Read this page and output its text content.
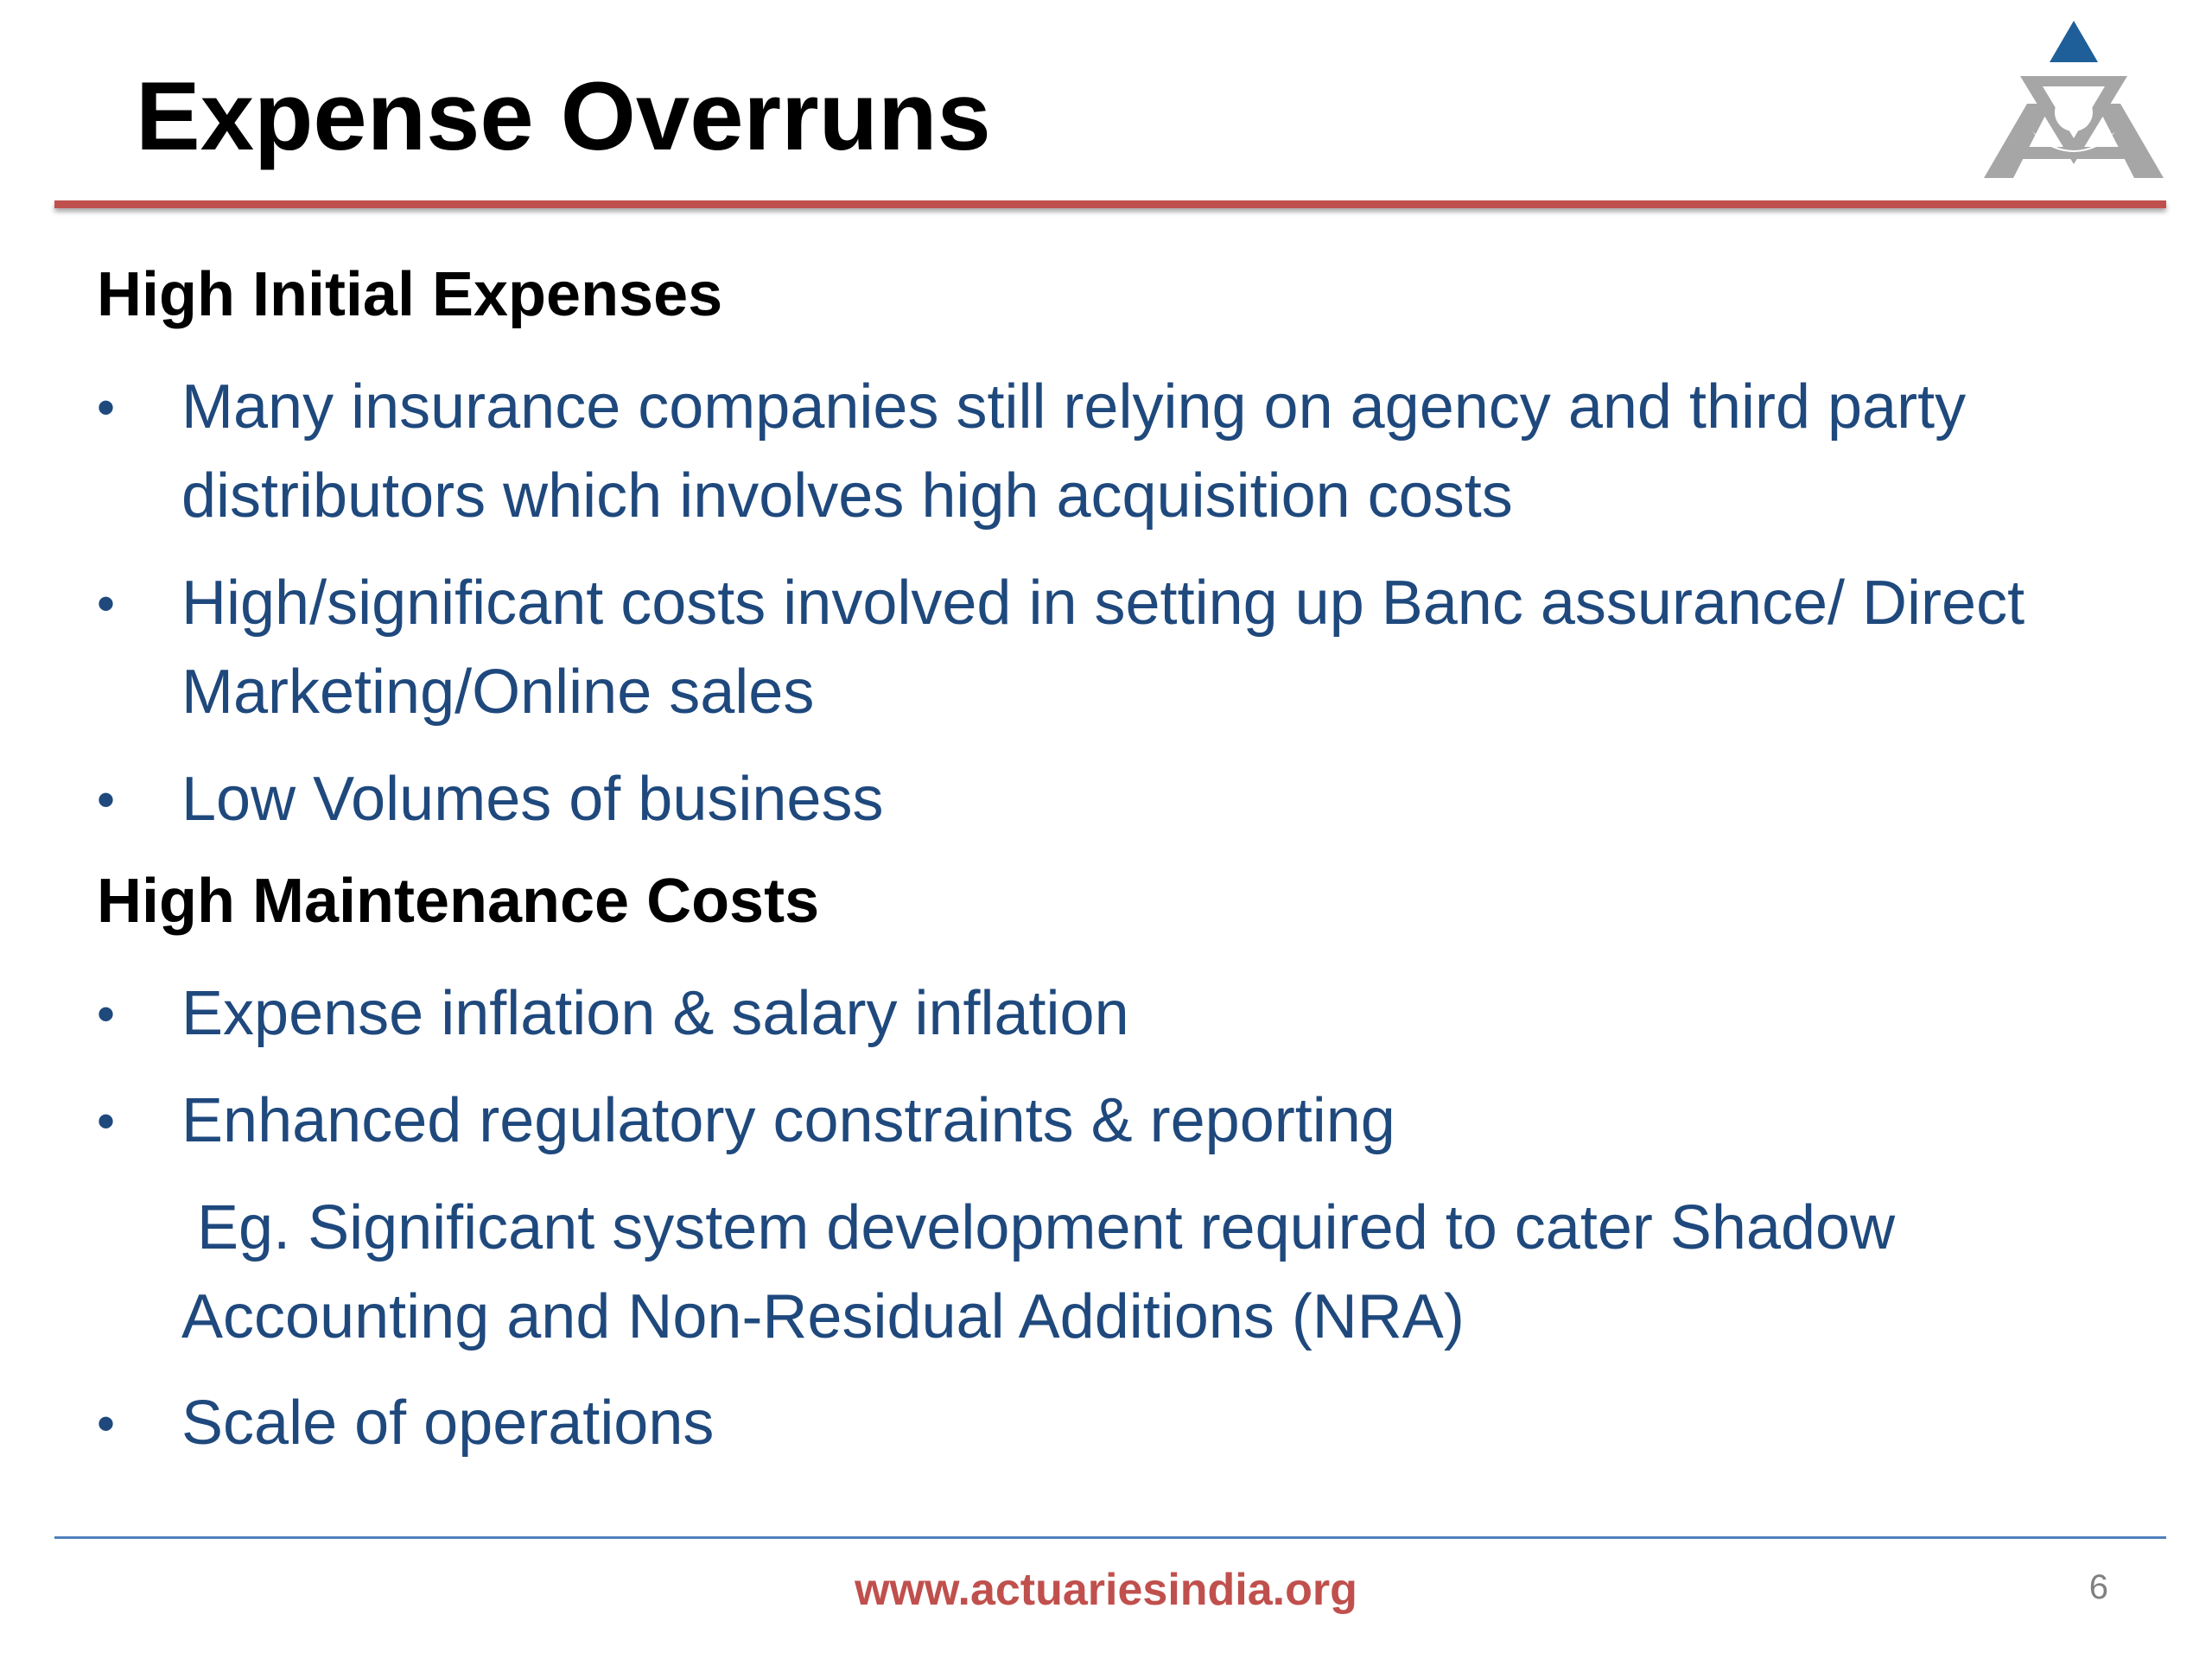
Expense Overruns
High Initial Expenses
•	Many insurance companies still relying on agency and third party distributors which involves high acquisition costs
•	High/significant costs involved in setting up Banc assurance/ Direct Marketing/Online sales
•	Low Volumes of business
High Maintenance Costs
•	Expense inflation & salary inflation
•	Enhanced regulatory constraints & reporting
Eg. Significant system development required to cater Shadow Accounting and Non-Residual Additions (NRA)
•	Scale of operations

www.actuariesindia.org	6
